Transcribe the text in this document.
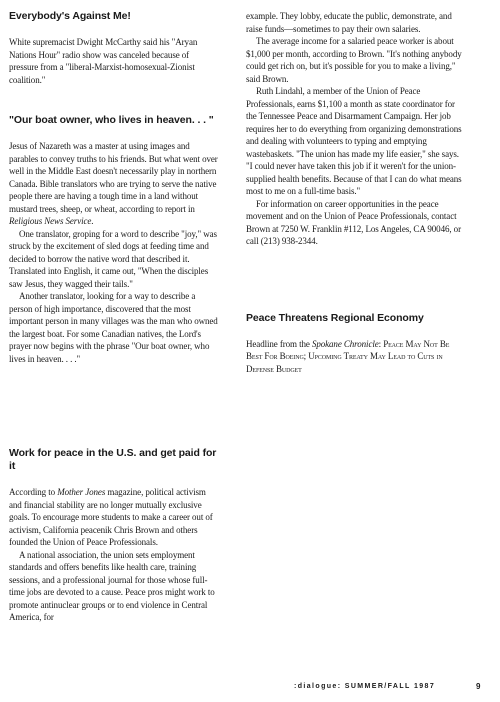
Everybody's Against Me!

White supremacist Dwight McCarthy said his "Aryan Nations Hour" radio show was canceled because of pressure from a "liberal-Marxist-homosexual-Zionist coalition."

"Our boat owner, who lives in heaven. . . "

Jesus of Nazareth was a master at using images and parables to convey truths to his friends. But what went over well in the Middle East doesn't necessarily play in northern Canada. Bible translators who are trying to serve the native people there are having a tough time in a land without mustard trees, sheep, or wheat, according to report in Religious News Service.

One translator, groping for a word to describe "joy," was struck by the excitement of sled dogs at feeding time and decided to borrow the native word that described it. Translated into English, it came out, "When the disciples saw Jesus, they wagged their tails."

Another translator, looking for a way to describe a person of high importance, discovered that the most important person in many villages was the man who owned the largest boat. For some Canadian natives, the Lord's prayer now begins with the phrase "Our boat owner, who lives in heaven. . . ."

Work for peace in the U.S. and get paid for it

According to Mother Jones magazine, political activism and financial stability are no longer mutually exclusive goals. To encourage more students to make a career out of activism, California peacenik Chris Brown and others founded the Union of Peace Professionals.

A national association, the union sets employment standards and offers benefits like health care, training sessions, and a professional journal for those whose full-time jobs are devoted to a cause. Peace pros might work to promote antinuclear groups or to end violence in Central America, for

example. They lobby, educate the public, demonstrate, and raise funds—sometimes to pay their own salaries.

The average income for a salaried peace worker is about $1,000 per month, according to Brown. "It's nothing anybody could get rich on, but it's possible for you to make a living," said Brown.

Ruth Lindahl, a member of the Union of Peace Professionals, earns $1,100 a month as state coordinator for the Tennessee Peace and Disarmament Campaign. Her job requires her to do everything from organizing demonstrations and dealing with volunteers to typing and emptying wastebaskets. "The union has made my life easier," she says. "I could never have taken this job if it weren't for the union-supplied health benefits. Because of that I can do what means most to me on a full-time basis."

For information on career opportunities in the peace movement and on the Union of Peace Professionals, contact Brown at 7250 W. Franklin #112, Los Angeles, CA 90046, or call (213) 938-2344.

Peace Threatens Regional Economy

Headline from the Spokane Chronicle: Peace May Not Be Best For Boeing; Upcoming Treaty May Lead to Cuts in Defense Budget

:dialogue: SUMMER/FALL 1987	9
